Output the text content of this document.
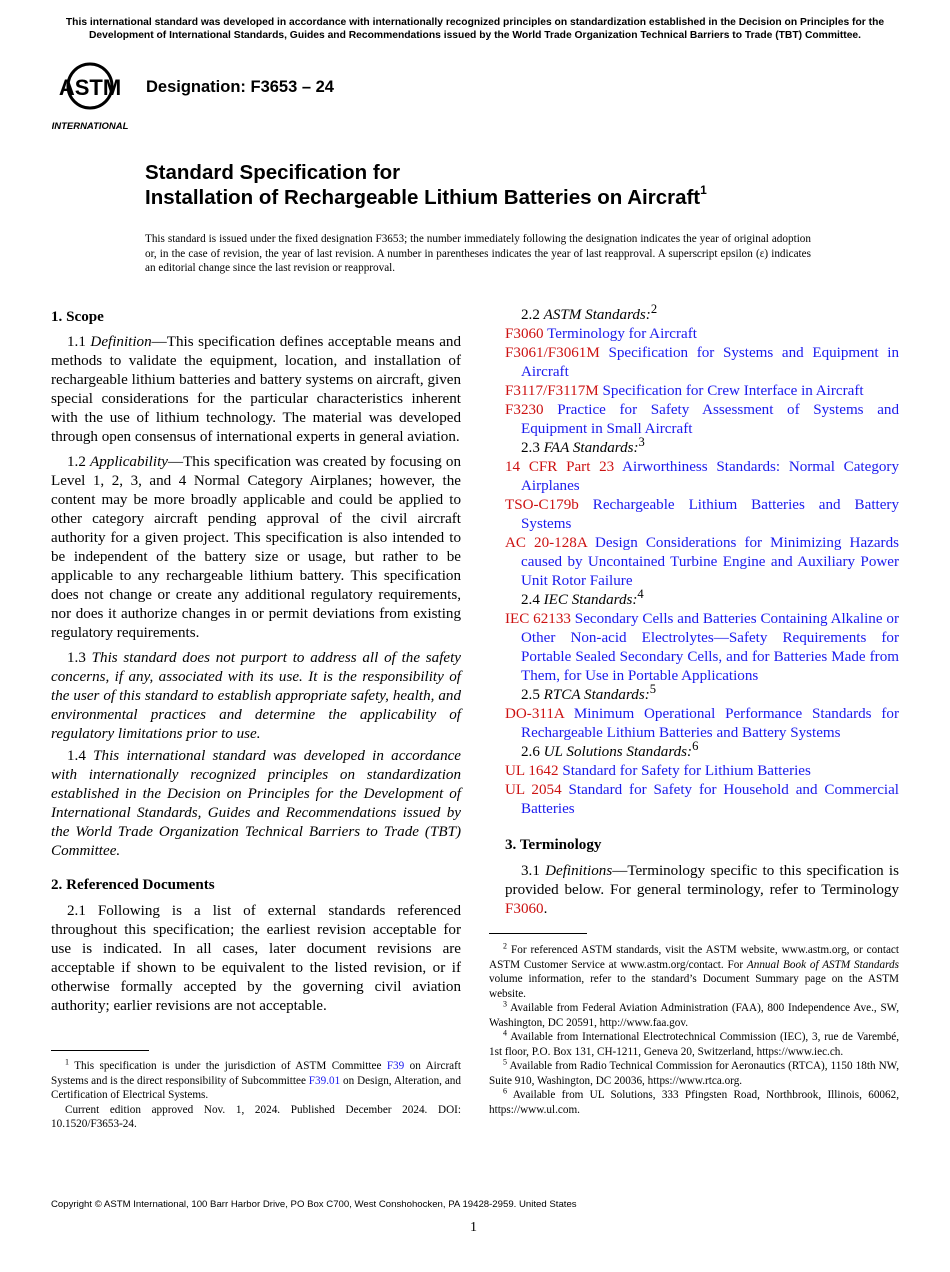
This international standard was developed in accordance with internationally recognized principles on standardization established in the Decision on Principles for the Development of International Standards, Guides and Recommendations issued by the World Trade Organization Technical Barriers to Trade (TBT) Committee.
ASTM
INTERNATIONAL
Designation: F3653 – 24
Standard Specification for
Installation of Rechargeable Lithium Batteries on Aircraft$^1$
This standard is issued under the fixed designation F3653; the number immediately following the designation indicates the year of original adoption or, in the case of revision, the year of last revision. A number in parentheses indicates the year of last reapproval. A superscript epsilon (ε) indicates an editorial change since the last revision or reapproval.
1. Scope

1.1 Definition—This specification defines acceptable means and methods to validate the equipment, location, and installation of rechargeable lithium batteries and battery systems on aircraft, given special considerations for the particular characteristics inherent with the use of lithium technology. The material was developed through open consensus of international experts in general aviation.

1.2 Applicability—This specification was created by focusing on Level 1, 2, 3, and 4 Normal Category Airplanes; however, the content may be more broadly applicable and could be applied to other category aircraft pending approval of the civil aircraft authority for a given project. This specification is also intended to be independent of the battery size or usage, but rather to be applicable to any rechargeable lithium battery. This specification does not change or create any additional regulatory requirements, nor does it authorize changes in or permit deviations from existing regulatory requirements.

1.3 This standard does not purport to address all of the safety concerns, if any, associated with its use. It is the responsibility of the user of this standard to establish appropriate safety, health, and environmental practices and determine the applicability of regulatory limitations prior to use.

1.4 This international standard was developed in accordance with internationally recognized principles on standardization established in the Decision on Principles for the Development of International Standards, Guides and Recommendations issued by the World Trade Organization Technical Barriers to Trade (TBT) Committee.

2. Referenced Documents

2.1 Following is a list of external standards referenced throughout this specification; the earliest revision acceptable for use is indicated. In all cases, later document revisions are acceptable if shown to be equivalent to the listed revision, or if otherwise formally accepted by the governing civil aviation authority; earlier revisions are not acceptable.

$^1$ This specification is under the jurisdiction of ASTM Committee F39 on Aircraft Systems and is the direct responsibility of Subcommittee F39.01 on Design, Alteration, and Certification of Electrical Systems.

Current edition approved Nov. 1, 2024. Published December 2024. DOI: 10.1520/F3653-24.

2.2 ASTM Standards:$^2$
F3060 Terminology for Aircraft
F3061/F3061M Specification for Systems and Equipment in Aircraft
F3117/F3117M Specification for Crew Interface in Aircraft
F3230 Practice for Safety Assessment of Systems and Equipment in Small Aircraft
2.3 FAA Standards:$^3$
14 CFR Part 23 Airworthiness Standards: Normal Category Airplanes
TSO-C179b Rechargeable Lithium Batteries and Battery Systems
AC 20-128A Design Considerations for Minimizing Hazards caused by Uncontained Turbine Engine and Auxiliary Power Unit Rotor Failure
2.4 IEC Standards:$^4$
IEC 62133 Secondary Cells and Batteries Containing Alkaline or Other Non-acid Electrolytes—Safety Requirements for Portable Sealed Secondary Cells, and for Batteries Made from Them, for Use in Portable Applications
2.5 RTCA Standards:$^5$
DO-311A Minimum Operational Performance Standards for Rechargeable Lithium Batteries and Battery Systems
2.6 UL Solutions Standards:$^6$
UL 1642 Standard for Safety for Lithium Batteries
UL 2054 Standard for Safety for Household and Commercial Batteries
3. Terminology
3.1 Definitions—Terminology specific to this specification is provided below. For general terminology, refer to Terminology F3060.

$^2$ For referenced ASTM standards, visit the ASTM website, www.astm.org, or contact ASTM Customer Service at www.astm.org/contact. For Annual Book of ASTM Standards volume information, refer to the standard’s Document Summary page on the ASTM website.

$^3$ Available from Federal Aviation Administration (FAA), 800 Independence Ave., SW, Washington, DC 20591, http://www.faa.gov.

$^4$ Available from International Electrotechnical Commission (IEC), 3, rue de Varembé, 1st floor, P.O. Box 131, CH-1211, Geneva 20, Switzerland, https://www.iec.ch.

$^5$ Available from Radio Technical Commission for Aeronautics (RTCA), 1150 18th NW, Suite 910, Washington, DC 20036, https://www.rtca.org.

$^6$ Available from UL Solutions, 333 Pfingsten Road, Northbrook, Illinois, 60062, https://www.ul.com.

Copyright © ASTM International, 100 Barr Harbor Drive, PO Box C700, West Conshohocken, PA 19428-2959. United States
1
